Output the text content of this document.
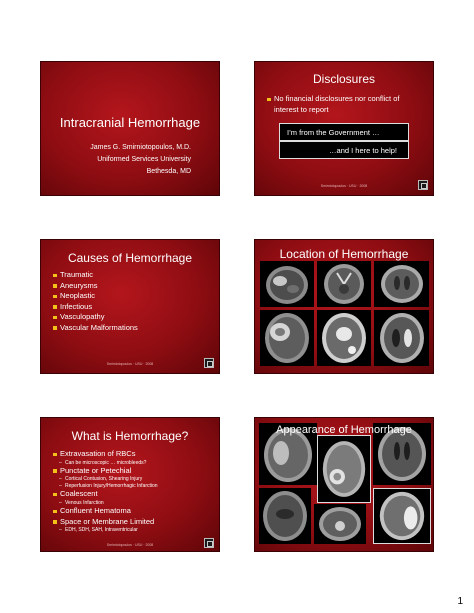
Intracranial Hemorrhage
James G. Smirniotopoulos, M.D.
Uniformed Services University
Bethesda, MD
Disclosures
No financial disclosures nor conflict of interest to report
I’m from the Government …
…and I here to help!
Smirniotopoulos · USU · 2008
Causes of Hemorrhage
Traumatic
Aneurysms
Neoplastic
Infectious
Vasculopathy
Vascular Malformations
Smirniotopoulos · USU · 2008
Location of Hemorrhage
What is Hemorrhage?
Extravasation of RBCs
– Can be microscopic … microbleeds?
Punctate or Petechial
– Cortical Contusion, Shearing Injury
– Reperfusion Injury/Hemorrhagic Infarction
Coalescent
– Venous Infarction
Confluent Hematoma
Space or Membrane Limited
– EDH, SDH, SAH, Intraventricular
Smirniotopoulos · USU · 2008
Appearance of Hemorrhage
1
